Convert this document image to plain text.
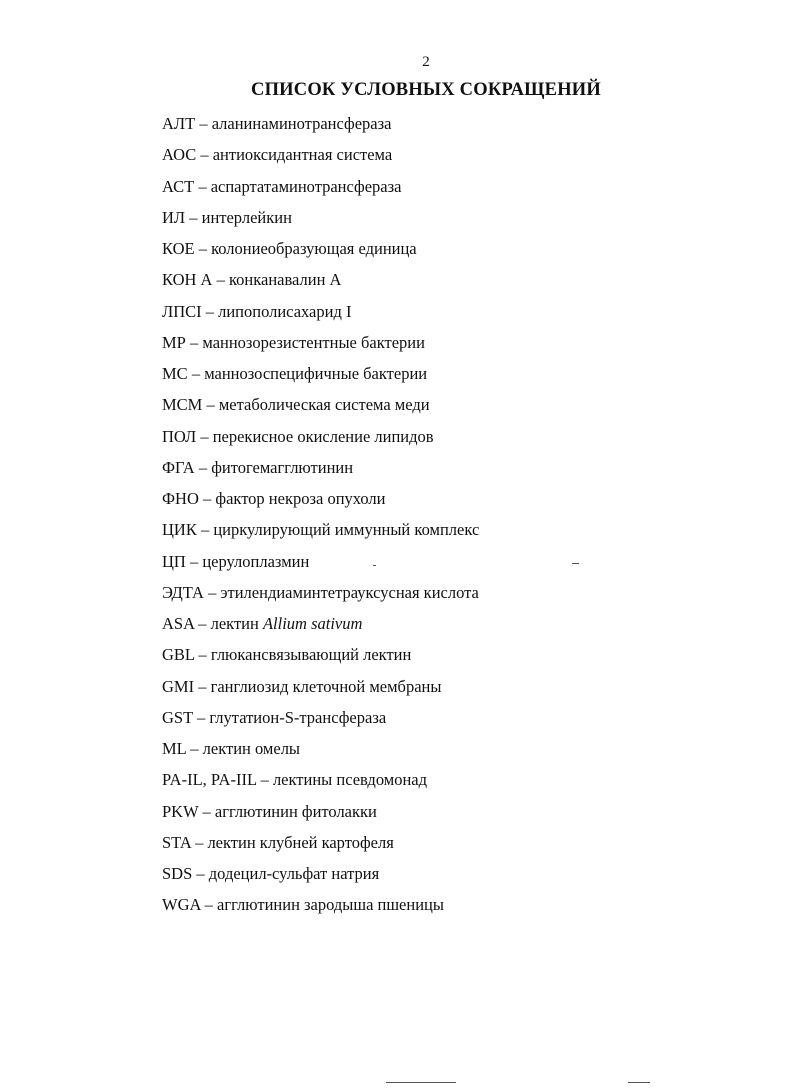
2
СПИСОК УСЛОВНЫХ СОКРАЩЕНИЙ
АЛТ – аланинаминотрансфераза
АОС – антиоксидантная система
АСТ – аспартатаминотрансфераза
ИЛ – интерлейкин
КОЕ – колониеобразующая единица
КОН А – конканавалин А
ЛПСI – липополисахарид I
МР – маннозорезистентные бактерии
МС – маннозоспецифичные бактерии
МСМ – метаболическая система меди
ПОЛ – перекисное окисление липидов
ФГА – фитогемагглютинин
ФНО – фактор некроза опухоли
ЦИК – циркулирующий иммунный комплекс
ЦП – церулоплазмин
ЭДТА – этилендиаминтетрауксусная кислота
ASA – лектин Allium sativum
GBL – глюкансвязывающий лектин
GMI – ганглиозид клеточной мембраны
GST – глутатион-S-трансфераза
ML – лектин омелы
PA-IL, PA-IIL – лектины псевдомонад
PKW – агглютинин фитолакки
STA – лектин клубней картофеля
SDS – додецил-сульфат натрия
WGA – агглютинин зародыша пшеницы
